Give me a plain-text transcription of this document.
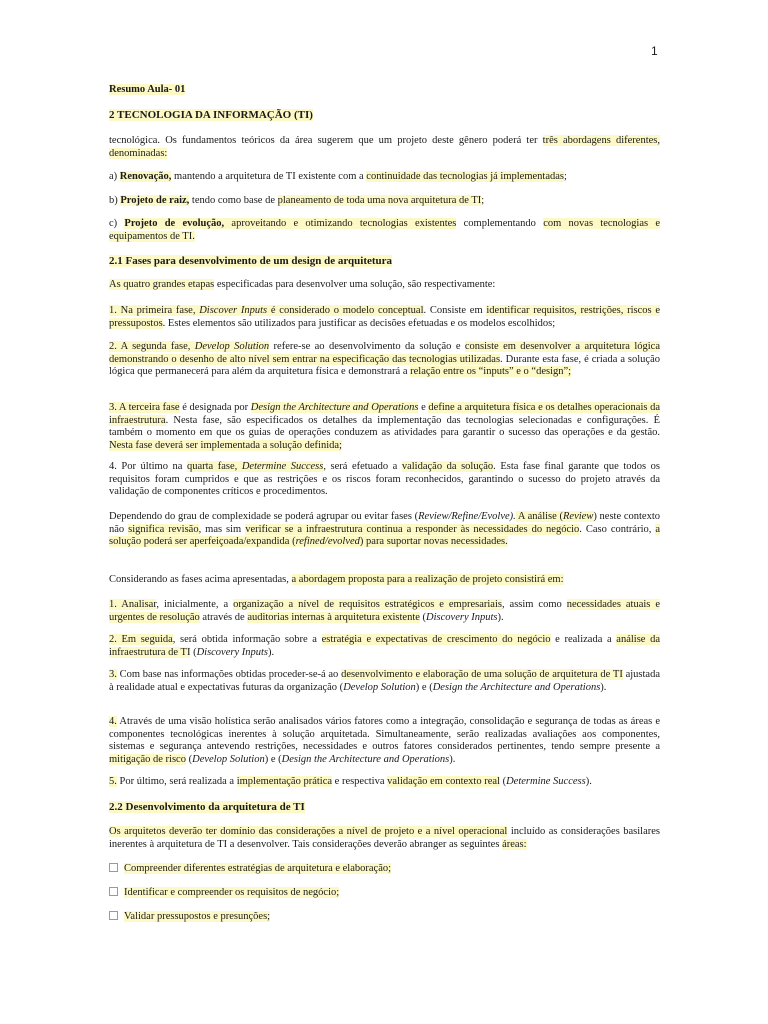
1
Resumo Aula- 01
2 TECNOLOGIA DA INFORMAÇÃO (TI)

tecnológica. Os fundamentos teóricos da área sugerem que um projeto deste gênero poderá ter três abordagens diferentes, denominadas:

a) Renovação, mantendo a arquitetura de TI existente com a continuidade das tecnologias já implementadas;

b) Projeto de raiz, tendo como base de planeamento de toda uma nova arquitetura de TI;

c) Projeto de evolução, aproveitando e otimizando tecnologias existentes complementando com novas tecnologias e equipamentos de TI.

2.1 Fases para desenvolvimento de um design de arquitetura

As quatro grandes etapas especificadas para desenvolver uma solução, são respectivamente:

1. Na primeira fase, Discover Inputs é considerado o modelo conceptual. Consiste em identificar requisitos, restrições, riscos e pressupostos. Estes elementos são utilizados para justificar as decisões efetuadas e os modelos escolhidos;

2. A segunda fase, Develop Solution refere-se ao desenvolvimento da solução e consiste em desenvolver a arquitetura lógica demonstrando o desenho de alto nível sem entrar na especificação das tecnologias utilizadas. Durante esta fase, é criada a solução lógica que permanecerá para além da arquitetura física e demonstrará a relação entre os “inputs” e o “design”;

3. A terceira fase é designada por Design the Architecture and Operations e define a arquitetura física e os detalhes operacionais da infraestrutura. Nesta fase, são especificados os detalhes da implementação das tecnologias selecionadas e configurações. É também o momento em que os guias de operações conduzem as atividades para garantir o sucesso das operações e da gestão. Nesta fase deverá ser implementada a solução definida;

4. Por último na quarta fase, Determine Success, será efetuado a validação da solução. Esta fase final garante que todos os requisitos foram cumpridos e que as restrições e os riscos foram reconhecidos, garantindo o sucesso do projeto através da validação de componentes críticos e procedimentos.

Dependendo do grau de complexidade se poderá agrupar ou evitar fases (Review/Refine/Evolve). A análise (Review) neste contexto não significa revisão, mas sim verificar se a infraestrutura continua a responder às necessidades do negócio. Caso contrário, a solução poderá ser aperfeiçoada/expandida (refined/evolved) para suportar novas necessidades.

Considerando as fases acima apresentadas, a abordagem proposta para a realização de projeto consistirá em:

1. Analisar, inicialmente, a organização a nível de requisitos estratégicos e empresariais, assim como necessidades atuais e urgentes de resolução através de auditorias internas à arquitetura existente (Discovery Inputs).

2. Em seguida, será obtida informação sobre a estratégia e expectativas de crescimento do negócio e realizada a análise da infraestrutura de TI (Discovery Inputs).

3. Com base nas informações obtidas proceder-se-á ao desenvolvimento e elaboração de uma solução de arquitetura de TI ajustada à realidade atual e expectativas futuras da organização (Develop Solution) e (Design the Architecture and Operations).

4. Através de uma visão holística serão analisados vários fatores como a integração, consolidação e segurança de todas as áreas e componentes tecnológicas inerentes à solução arquitetada. Simultaneamente, serão realizadas avaliações aos componentes, sistemas e segurança antevendo restrições, necessidades e outros fatores considerados pertinentes, tendo sempre presente a mitigação de risco (Develop Solution) e (Design the Architecture and Operations).

5. Por último, será realizada a implementação prática e respectiva validação em contexto real (Determine Success).

2.2 Desenvolvimento da arquitetura de TI

Os arquitetos deverão ter domínio das considerações a nível de projeto e a nível operacional incluído as considerações basilares inerentes à arquitetura de TI a desenvolver. Tais considerações deverão abranger as seguintes áreas:

Compreender diferentes estratégias de arquitetura e elaboração;
Identificar e compreender os requisitos de negócio;
Validar pressupostos e presunções;
